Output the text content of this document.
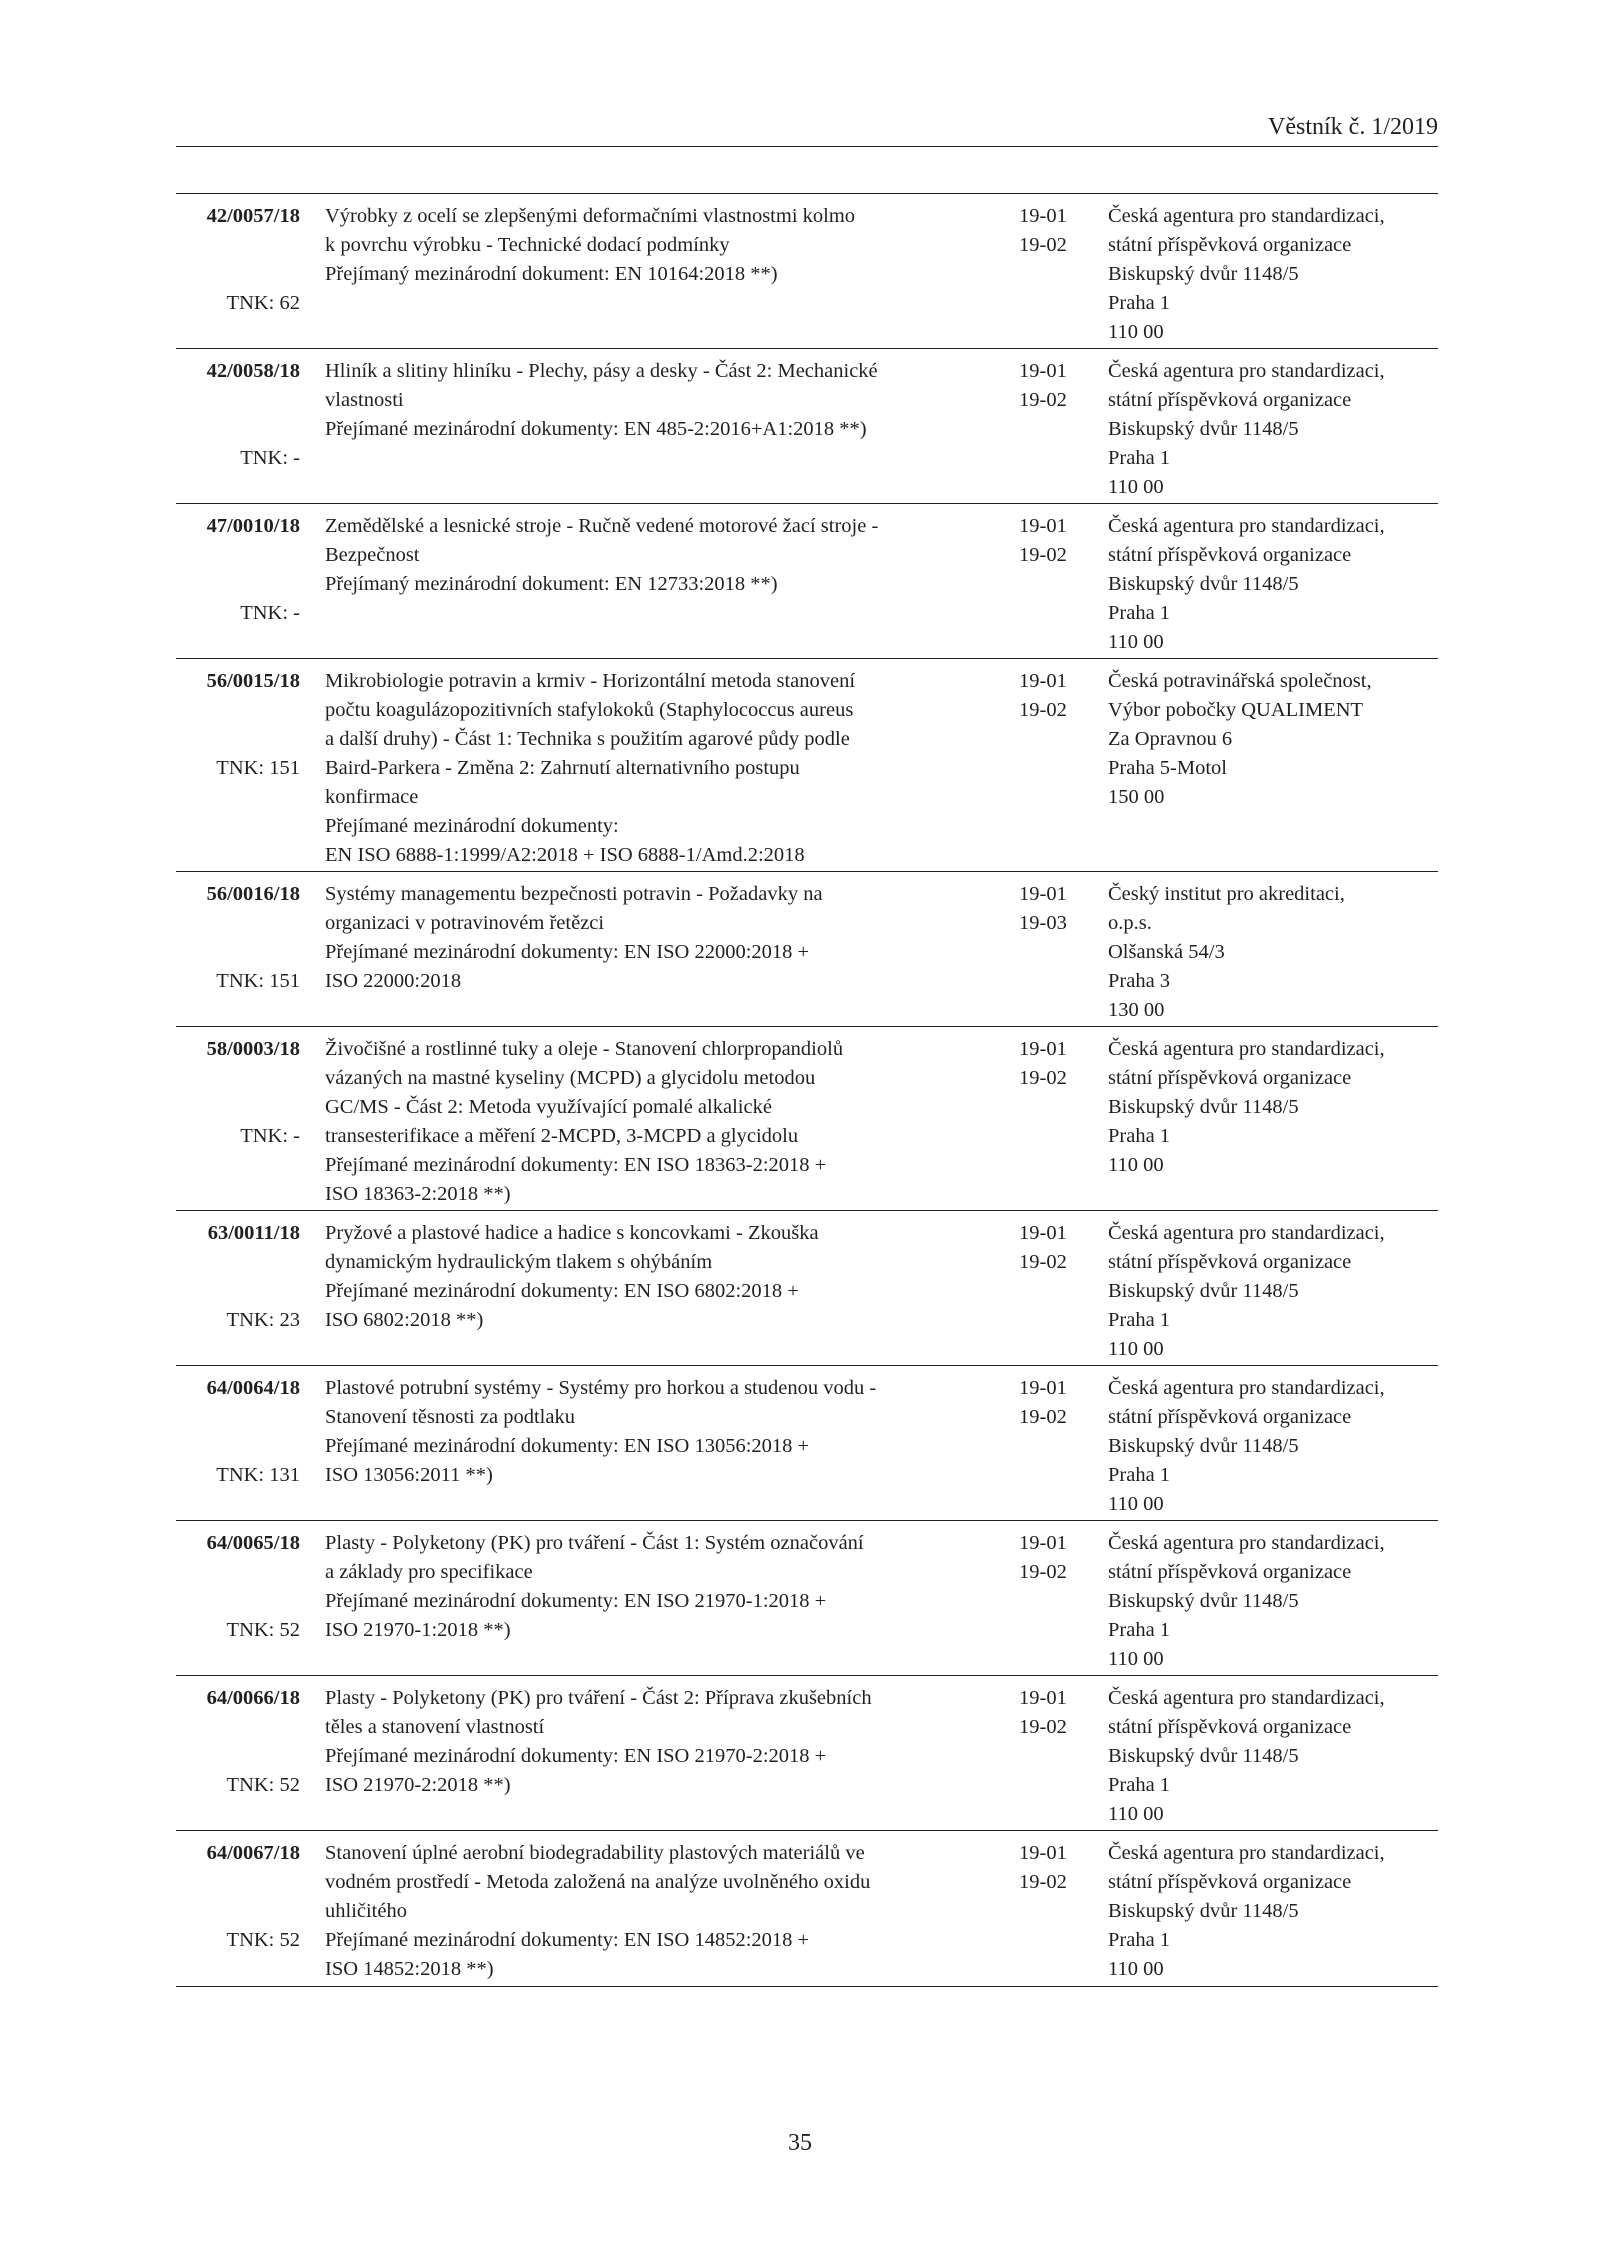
Věstník č. 1/2019
42/0057/18
TNK: 62
Výrobky z ocelí se zlepšenými deformačními vlastnostmi kolmo
k povrchu výrobku - Technické dodací podmínky
Přejímaný mezinárodní dokument: EN 10164:2018 **)
19-01
19-02
Česká agentura pro standardizaci,
státní příspěvková organizace
Biskupský dvůr 1148/5
Praha 1
110 00
42/0058/18
TNK: -
Hliník a slitiny hliníku - Plechy, pásy a desky - Část 2: Mechanické
vlastnosti
Přejímané mezinárodní dokumenty: EN 485-2:2016+A1:2018 **)
19-01
19-02
Česká agentura pro standardizaci,
státní příspěvková organizace
Biskupský dvůr 1148/5
Praha 1
110 00
47/0010/18
TNK: -
Zemědělské a lesnické stroje - Ručně vedené motorové žací stroje -
Bezpečnost
Přejímaný mezinárodní dokument: EN 12733:2018 **)
19-01
19-02
Česká agentura pro standardizaci,
státní příspěvková organizace
Biskupský dvůr 1148/5
Praha 1
110 00
56/0015/18
TNK: 151
Mikrobiologie potravin a krmiv - Horizontální metoda stanovení
počtu koagulázopozitivních stafylokoků (Staphylococcus aureus
a další druhy) - Část 1: Technika s použitím agarové půdy podle
Baird-Parkera - Změna 2: Zahrnutí alternativního postupu
konfirmace
Přejímané mezinárodní dokumenty:
EN ISO 6888-1:1999/A2:2018 + ISO 6888-1/Amd.2:2018
19-01
19-02
Česká potravinářská společnost,
Výbor pobočky QUALIMENT
Za Opravnou 6
Praha 5-Motol
150 00
56/0016/18
TNK: 151
Systémy managementu bezpečnosti potravin - Požadavky na
organizaci v potravinovém řetězci
Přejímané mezinárodní dokumenty: EN ISO 22000:2018 +
ISO 22000:2018
19-01
19-03
Český institut pro akreditaci,
o.p.s.
Olšanská 54/3
Praha 3
130 00
58/0003/18
TNK: -
Živočišné a rostlinné tuky a oleje - Stanovení chlorpropandiolů
vázaných na mastné kyseliny (MCPD) a glycidolu metodou
GC/MS - Část 2: Metoda využívající pomalé alkalické
transesterifikace a měření 2-MCPD, 3-MCPD a glycidolu
Přejímané mezinárodní dokumenty: EN ISO 18363-2:2018 +
ISO 18363-2:2018 **)
19-01
19-02
Česká agentura pro standardizaci,
státní příspěvková organizace
Biskupský dvůr 1148/5
Praha 1
110 00
63/0011/18
TNK: 23
Pryžové a plastové hadice a hadice s koncovkami - Zkouška
dynamickým hydraulickým tlakem s ohýbáním
Přejímané mezinárodní dokumenty: EN ISO 6802:2018 +
ISO 6802:2018 **)
19-01
19-02
Česká agentura pro standardizaci,
státní příspěvková organizace
Biskupský dvůr 1148/5
Praha 1
110 00
64/0064/18
TNK: 131
Plastové potrubní systémy - Systémy pro horkou a studenou vodu -
Stanovení těsnosti za podtlaku
Přejímané mezinárodní dokumenty: EN ISO 13056:2018 +
ISO 13056:2011 **)
19-01
19-02
Česká agentura pro standardizaci,
státní příspěvková organizace
Biskupský dvůr 1148/5
Praha 1
110 00
64/0065/18
TNK: 52
Plasty - Polyketony (PK) pro tváření - Část 1: Systém označování
a základy pro specifikace
Přejímané mezinárodní dokumenty: EN ISO 21970-1:2018 +
ISO 21970-1:2018 **)
19-01
19-02
Česká agentura pro standardizaci,
státní příspěvková organizace
Biskupský dvůr 1148/5
Praha 1
110 00
64/0066/18
TNK: 52
Plasty - Polyketony (PK) pro tváření - Část 2: Příprava zkušebních
těles a stanovení vlastností
Přejímané mezinárodní dokumenty: EN ISO 21970-2:2018 +
ISO 21970-2:2018 **)
19-01
19-02
Česká agentura pro standardizaci,
státní příspěvková organizace
Biskupský dvůr 1148/5
Praha 1
110 00
64/0067/18
TNK: 52
Stanovení úplné aerobní biodegradability plastových materiálů ve
vodném prostředí - Metoda založená na analýze uvolněného oxidu
uhličitého
Přejímané mezinárodní dokumenty: EN ISO 14852:2018 +
ISO 14852:2018 **)
19-01
19-02
Česká agentura pro standardizaci,
státní příspěvková organizace
Biskupský dvůr 1148/5
Praha 1
110 00
35
